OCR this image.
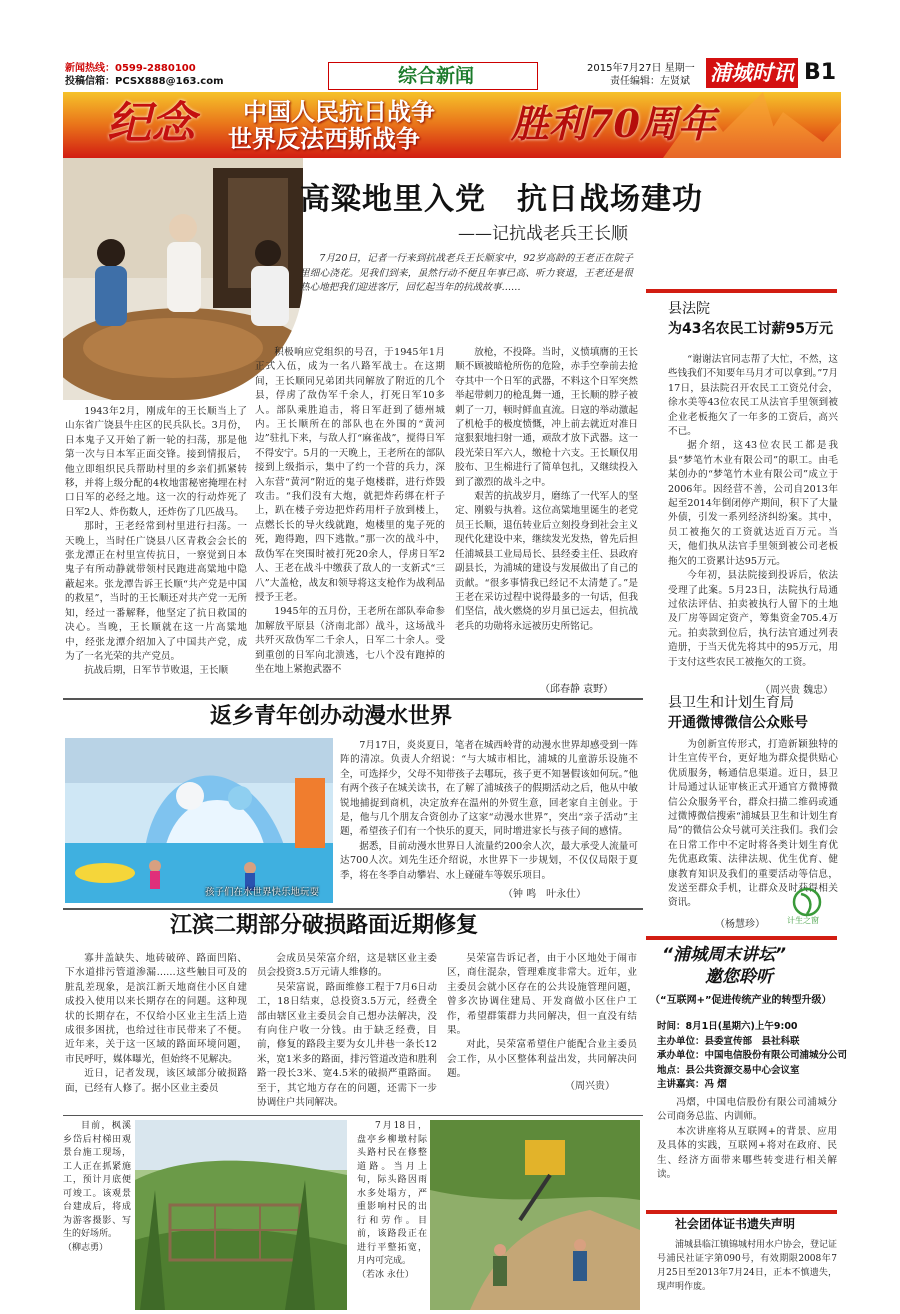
新闻热线：0599-2880100
投稿信箱：PCSX888@163.com	综合新闻	2015年7月27日 星期一
责任编辑：左贤斌 浦城时讯 B1
纪念 中国人民抗日战争
世界反法西斯战争 胜利70周年
高粱地里入党　抗日战场建功
——记抗战老兵王长顺
7月20日，记者一行来到抗战老兵王长顺家中，92岁高龄的王老正在院子里细心浇花。见我们到来，虽然行动不便且年事已高、听力衰退，王老还是很热心地把我们迎进客厅，回忆起当年的抗战故事……

1943年2月，刚成年的王长顺当上了山东省广饶县牛庄区的民兵队长。3月份，日本鬼子又开始了新一轮的扫荡，那是他第一次与日本军正面交锋。接到情报后，他立即组织民兵帮助村里的乡亲们抓紧转移，并将上级分配的4枚地雷秘密掩埋在村口日军的必经之地。这一次的行动炸死了日军2人、炸伤数人，还炸伤了几匹战马。

那时，王老经常到村里进行扫荡。一天晚上，当时任广饶县八区青救会会长的张龙潭正在村里宣传抗日，一察觉到日本鬼子有所动静就带领村民跑进高粱地中隐蔽起来。张龙潭告诉王长顺“共产党是中国的救星”，当时的王长顺还对共产党一无所知，经过一番解释，他坚定了抗日救国的决心。当晚，王长顺就在这一片高粱地中，经张龙潭介绍加入了中国共产党，成为了一名光荣的共产党员。

抗战后期，日军节节败退，王长顺

积极响应党组织的号召，于1945年1月正式入伍，成为一名八路军战士。在这期间，王长顺同兄弟团共同解放了附近的几个县，俘虏了敌伪军千余人，打死日军10多人。部队乘胜追击，将日军赶到了德州城内。王长顺所在的部队也在外围的“黄河边”驻扎下来，与敌人打“麻雀战”，搅得日军不得安宁。5月的一天晚上，王老所在的部队接到上级指示，集中了约一个营的兵力，深入东营“黄河”附近的鬼子炮楼群，进行炸毁攻击。“我们没有大炮，就把炸药绑在杆子上，趴在楼子旁边把炸药用杆子放到楼上，点燃长长的导火线就跑，炮楼里的鬼子死的死，跑得跑，四下逃散。”那一次的战斗中，敌伪军在突围时被打死20余人，俘虏日军2人、王老在战斗中缴获了敌人的一支新式“三八”大盖枪，战友和领导将这支枪作为战利品授予王老。

1945年的五月份，王老所在部队奉命参加解放平原县（济南北部）战斗，这场战斗共歼灭敌伪军二千余人，日军二十余人。受到重创的日军向北溃逃，七八个没有跑掉的坐在地上紧抱武器不

放枪，不投降。当时，义愤填膺的王长顺不顾被暗枪所伤的危险，赤手空拳前去抢夺其中一个日军的武器，不料这个日军突然举起带刺刀的枪乱舞一通，王长顺的脖子被刺了一刀，顿时鲜血直流。日寇的举动激起了机枪手的极度愤慨，冲上前去就近对准日寇狠狠地扫射一通，顽敌才放下武器。这一段光荣日军六人，缴枪十六支。王长顺仅用胶布、卫生棉进行了简单包扎，又继续投入到了激烈的战斗之中。

艰苦的抗战岁月，磨练了一代军人的坚定、刚毅与执着。这位高粱地里诞生的老党员王长顺，退伍转业后立刻投身到社会主义现代化建设中来，继续发光发热，曾先后担任浦城县工业局局长、县经委主任、县政府副县长，为浦城的建设与发展做出了自己的贡献。“很多事情我已经记不太清楚了。”是王老在采访过程中说得最多的一句话，但我们坚信，战火燃烧的岁月虽已远去，但抗战老兵的功勋将永远被历史所铭记。

（邱春静 袁野）
县法院
为43名农民工讨薪95万元

“谢谢法官同志帮了大忙，不然，这些钱我们不知要年马月才可以拿到。”7月17日，县法院召开农民工工资兑付会，徐水美等43位农民工从法官手里领到被企业老板拖欠了一年多的工资后，高兴不已。

据介绍，这43位农民工都是我县“梦笔竹木业有限公司”的职工。由毛某创办的“梦笔竹木业有限公司”成立于2006年。因经营不善，公司自2013年起至2014年倒闭停产期间，积下了大量外债，引发一系列经济纠纷案。其中，员工被拖欠的工资就达近百万元。当天，他们执从法官手里领到被公司老板拖欠的工资累计达95万元。

今年初，县法院接到投诉后，依法受理了此案。5月23日，法院执行局通过依法评估、拍卖被执行人留下的土地及厂房等固定资产，筹集资金705.4万元。拍卖款到位后，执行法官通过列表造册，于当天优先将其中的95万元，用于支付这些农民工被拖欠的工资。

（周兴贵 魏忠）
县卫生和计划生育局
开通微博微信公众账号

为创新宣传形式，打造新颖独特的计生宣传平台，更好地为群众提供贴心优质服务，畅通信息渠道。近日，县卫计局通过认证审核正式开通官方微博微信公众服务平台，群众扫描二维码或通过微博微信搜索“浦城县卫生和计划生育局”的微信公众号就可关注我们。我们会在日常工作中不定时将各类计划生育优先优惠政策、法律法规、优生优育、健康教育知识及我们的重要活动等信息，发送至群众手机，让群众及时获得相关资讯。

（杨慧珍）	计生之窗
“浦城周末讲坛”
邀您聆听
（“互联网+”促进传统产业的转型升级）
时间：8月1日(星期六)上午9:00
主办单位：县委宣传部　县社科联
承办单位：中国电信股份有限公司浦城分公司
地点：县公共资源交易中心会议室
主讲嘉宾：冯 熠

冯熠，中国电信股份有限公司浦城分公司商务总监、内训师。

本次讲座将从互联网+的背景、应用及具体的实践，互联网+将对在政府、民生、经济方面带来哪些转变进行相关解读。

社会团体证书遗失声明

浦城县临江镇锦城村用水户协会，登记证号浦民社证字第090号，有效期限2008年7月25日至2013年7月24日，正本不慎遗失，现声明作废。

返乡青年创办动漫水世界
孩子们在水世界快乐地玩耍

7月17日，炎炎夏日，笔者在城西岭背的动漫水世界却感受到一阵阵的清凉。负责人介绍说：“与大城市相比，浦城的儿童游乐设施不全，可选择少，父母不知带孩子去哪玩，孩子更不知暑假该如何玩。”他有两个孩子在城关读书，在了解了浦城孩子的假期活动之后，他从中敏锐地捕捉到商机，决定放弃在温州的外贸生意，回老家自主创业。于是，他与几个朋友合资创办了这家“动漫水世界”，突出“亲子活动”主题，希望孩子们有一个快乐的夏天，同时增进家长与孩子间的感情。

据悉，目前动漫水世界日人流量约200余人次，最大承受人流量可达700人次。刘先生还介绍说，水世界下一步规划，不仅仅局限于夏季，将在冬季自动攀岩、水上碰碰车等娱乐项目。

（钟 鸣　叶永仕）
江滨二期部分破损路面近期修复

寡井盖缺失、地砖破碎、路面凹陷、下水道排污管道渗漏……这些触目可及的脏乱差现象，是滨江新天地商住小区自建成投入使用以来长期存在的问题。这种现状的长期存在，不仅给小区业主生活上造成很多困扰，也给过往市民带来了不便。近年来，关于这一区域的路面环境问题，市民呼吁，媒体曝光，但始终不见解决。

近日，记者发现，该区域部分破损路面，已经有人修了。据小区业主委员

会成员吴荣富介绍，这是辖区业主委员会投资3.5万元请人维修的。

吴荣富说，路面维修工程于7月6日动工，18日结束，总投资3.5万元，经费全部由辖区业主委员会自己想办法解决，没有向住户收一分钱。由于缺乏经费，目前，修复的路段主要为女儿井巷一条长12米，宽1米多的路面，排污管道改造和胜利路一段长3米、宽4.5米的破损严重路面。至于，其它地方存在的问题，还需下一步协调住户共同解决。

吴荣富告诉记者，由于小区地处于闹市区，商住混杂，管理难度非常大。近年，业主委员会就小区存在的公共设施管理问题，曾多次协调住建局、开发商做小区住户工作，希望群策群力共同解决，但一直没有结果。

对此，吴荣富希望住户能配合业主委员会工作，从小区整体利益出发，共同解决问题。

（周兴贵）

目前，枫溪乡岱后村梯田观景台施工现场，工人正在抓紧施工，预计月底便可竣工。该观景台建成后，将成为游客摄影、写生的好场所。

（柳志勇）

7月18日，盘亭乡柳墩村际头路村民在修整道路。当月上旬，际头路因雨水多处塌方，严重影响村民的出行和劳作。目前，该路段正在进行平整拓宽，月内可完成。

（若冰 永仕）
